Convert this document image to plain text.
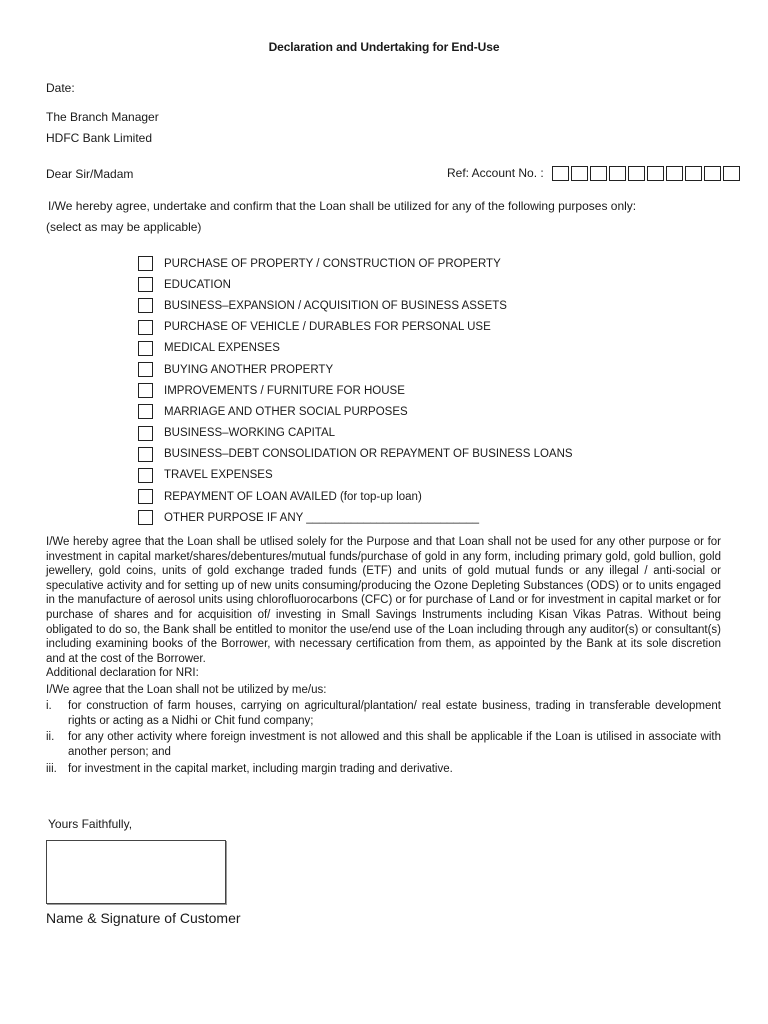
Declaration and Undertaking for End-Use
Date:
The Branch Manager
HDFC Bank Limited
Dear Sir/Madam	Ref: Account No. :
I/We hereby agree, undertake and confirm that the Loan shall be utilized for any of the following purposes only:
(select as may be applicable)
PURCHASE OF PROPERTY / CONSTRUCTION OF PROPERTY
EDUCATION
BUSINESS–EXPANSION / ACQUISITION OF BUSINESS ASSETS
PURCHASE OF VEHICLE / DURABLES FOR PERSONAL USE
MEDICAL EXPENSES
BUYING ANOTHER PROPERTY
IMPROVEMENTS / FURNITURE FOR HOUSE
MARRIAGE AND OTHER SOCIAL PURPOSES
BUSINESS–WORKING CAPITAL
BUSINESS–DEBT CONSOLIDATION OR REPAYMENT OF BUSINESS LOANS
TRAVEL EXPENSES
REPAYMENT OF LOAN AVAILED (for top-up loan)
OTHER PURPOSE IF ANY ___________________________
I/We hereby agree that the Loan shall be utlised solely for the Purpose and that Loan shall not be used for any other purpose or for investment in capital market/shares/debentures/mutual funds/purchase of gold in any form, including primary gold, gold bullion, gold jewellery, gold coins, units of gold exchange traded funds (ETF) and units of gold mutual funds or any illegal / anti-social or speculative activity and for setting up of new units consuming/producing the Ozone Depleting Substances (ODS) or to units engaged in the manufacture of aerosol units using chlorofluorocarbons (CFC) or for purchase of Land or for investment in capital market or for purchase of shares and for acquisition of/ investing in Small Savings Instruments including Kisan Vikas Patras. Without being obligated to do so, the Bank shall be entitled to monitor the use/end use of the Loan including through any auditor(s) or consultant(s) including examining books of the Borrower, with necessary certification from them, as appointed by the Bank at its sole discretion and at the cost of the Borrower.
Additional declaration for NRI:
I/We agree that the Loan shall not be utilized by me/us:
i.	for construction of farm houses, carrying on agricultural/plantation/ real estate business, trading in transferable development rights or acting as a Nidhi or Chit fund company;
ii.	for any other activity where foreign investment is not allowed and this shall be applicable if the Loan is utilised in associate with another person; and
iii. for investment in the capital market, including margin trading and derivative.
Yours Faithfully,
Name & Signature of Customer
